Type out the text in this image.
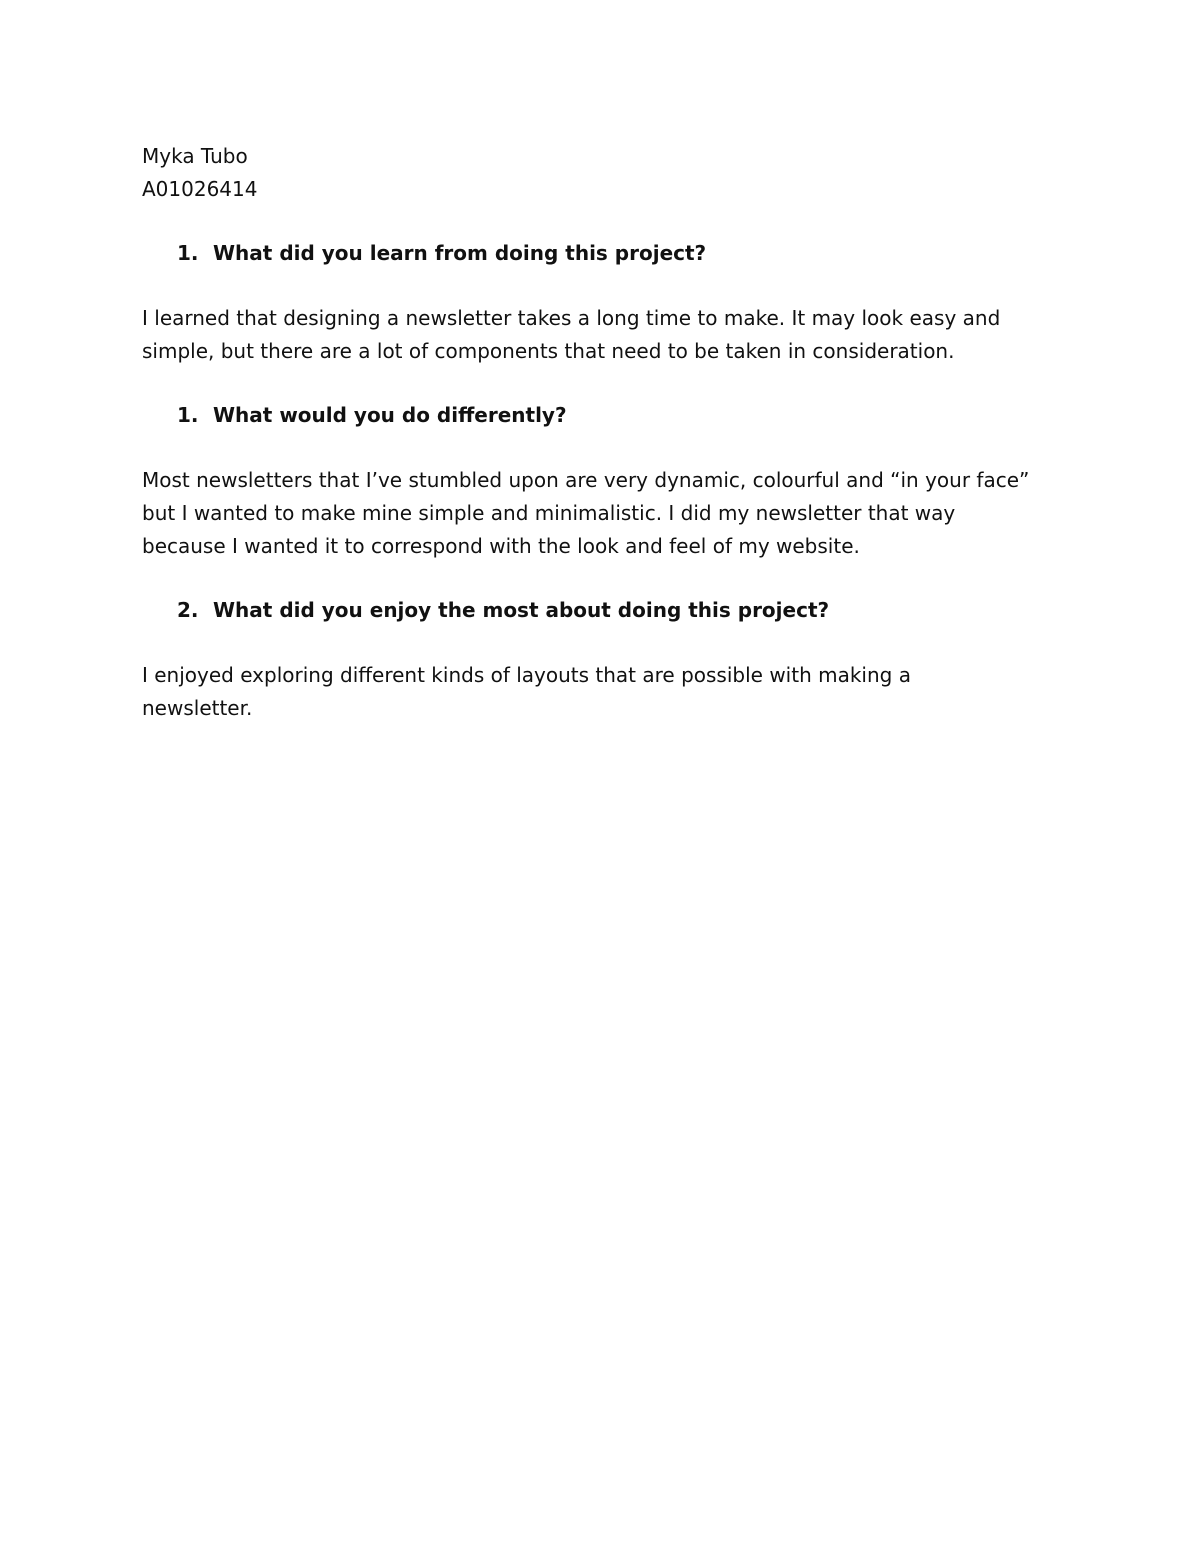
Myka Tubo

A01026414

1. What did you learn from doing this project?

I learned that designing a newsletter takes a long time to make. It may look easy and

simple, but there are a lot of components that need to be taken in consideration.

1. What would you do differently?

Most newsletters that I’ve stumbled upon are very dynamic, colourful and “in your face”

but I wanted to make mine simple and minimalistic. I did my newsletter that way

because I wanted it to correspond with the look and feel of my website.

2. What did you enjoy the most about doing this project?

I enjoyed exploring different kinds of layouts that are possible with making a

newsletter.
